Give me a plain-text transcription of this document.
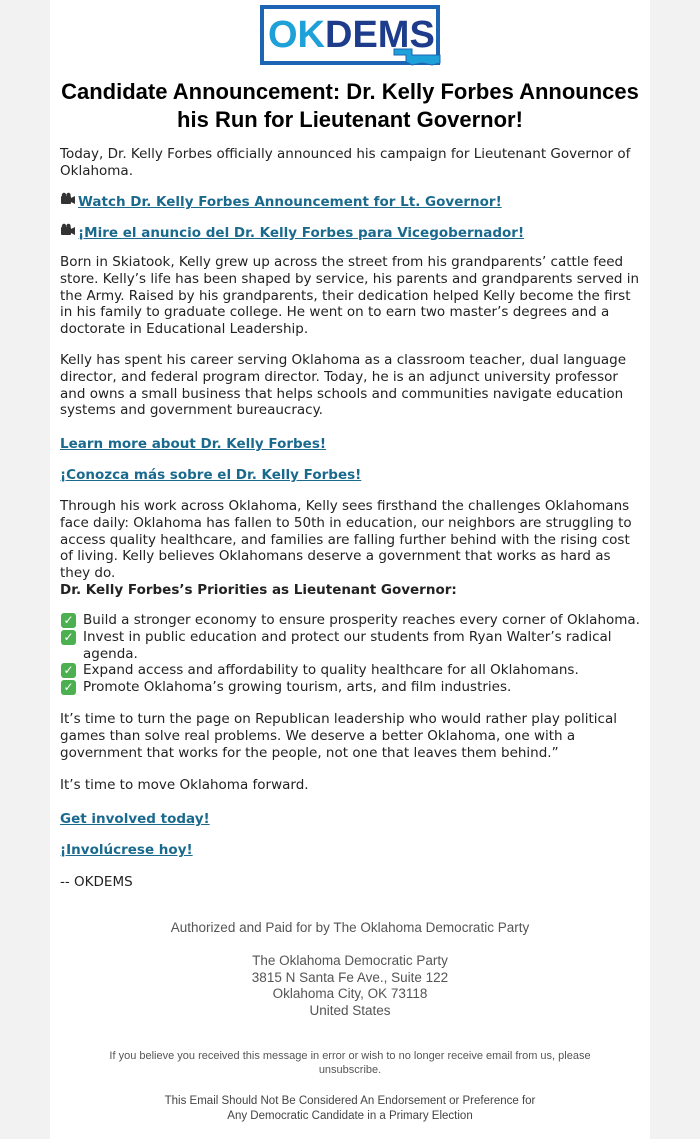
OKDEMS
Candidate Announcement: Dr. Kelly Forbes Announces his Run for Lieutenant Governor!
Today, Dr. Kelly Forbes officially announced his campaign for Lieutenant Governor of Oklahoma.
Watch Dr. Kelly Forbes Announcement for Lt. Governor!
¡Mire el anuncio del Dr. Kelly Forbes para Vicegobernador!
Born in Skiatook, Kelly grew up across the street from his grandparents’ cattle feed store. Kelly’s life has been shaped by service, his parents and grandparents served in the Army. Raised by his grandparents, their dedication helped Kelly become the first in his family to graduate college. He went on to earn two master’s degrees and a doctorate in Educational Leadership.
Kelly has spent his career serving Oklahoma as a classroom teacher, dual language director, and federal program director. Today, he is an adjunct university professor and owns a small business that helps schools and communities navigate education systems and government bureaucracy.
Learn more about Dr. Kelly Forbes!
¡Conozca más sobre el Dr. Kelly Forbes!
Through his work across Oklahoma, Kelly sees firsthand the challenges Oklahomans face daily: Oklahoma has fallen to 50th in education, our neighbors are struggling to access quality healthcare, and families are falling further behind with the rising cost of living. Kelly believes Oklahomans deserve a government that works as hard as they do.
Dr. Kelly Forbes’s Priorities as Lieutenant Governor:
✓ Build a stronger economy to ensure prosperity reaches every corner of Oklahoma.
✓ Invest in public education and protect our students from Ryan Walter’s radical agenda.
✓ Expand access and affordability to quality healthcare for all Oklahomans.
✓ Promote Oklahoma’s growing tourism, arts, and film industries.
It’s time to turn the page on Republican leadership who would rather play political games than solve real problems. We deserve a better Oklahoma, one with a government that works for the people, not one that leaves them behind.”
It’s time to move Oklahoma forward.
Get involved today!
¡Involúcrese hoy!
-- OKDEMS
Authorized and Paid for by The Oklahoma Democratic Party
The Oklahoma Democratic Party
3815 N Santa Fe Ave., Suite 122
Oklahoma City, OK 73118
United States
If you believe you received this message in error or wish to no longer receive email from us, please
unsubscribe.
This Email Should Not Be Considered An Endorsement or Preference for
Any Democratic Candidate in a Primary Election
